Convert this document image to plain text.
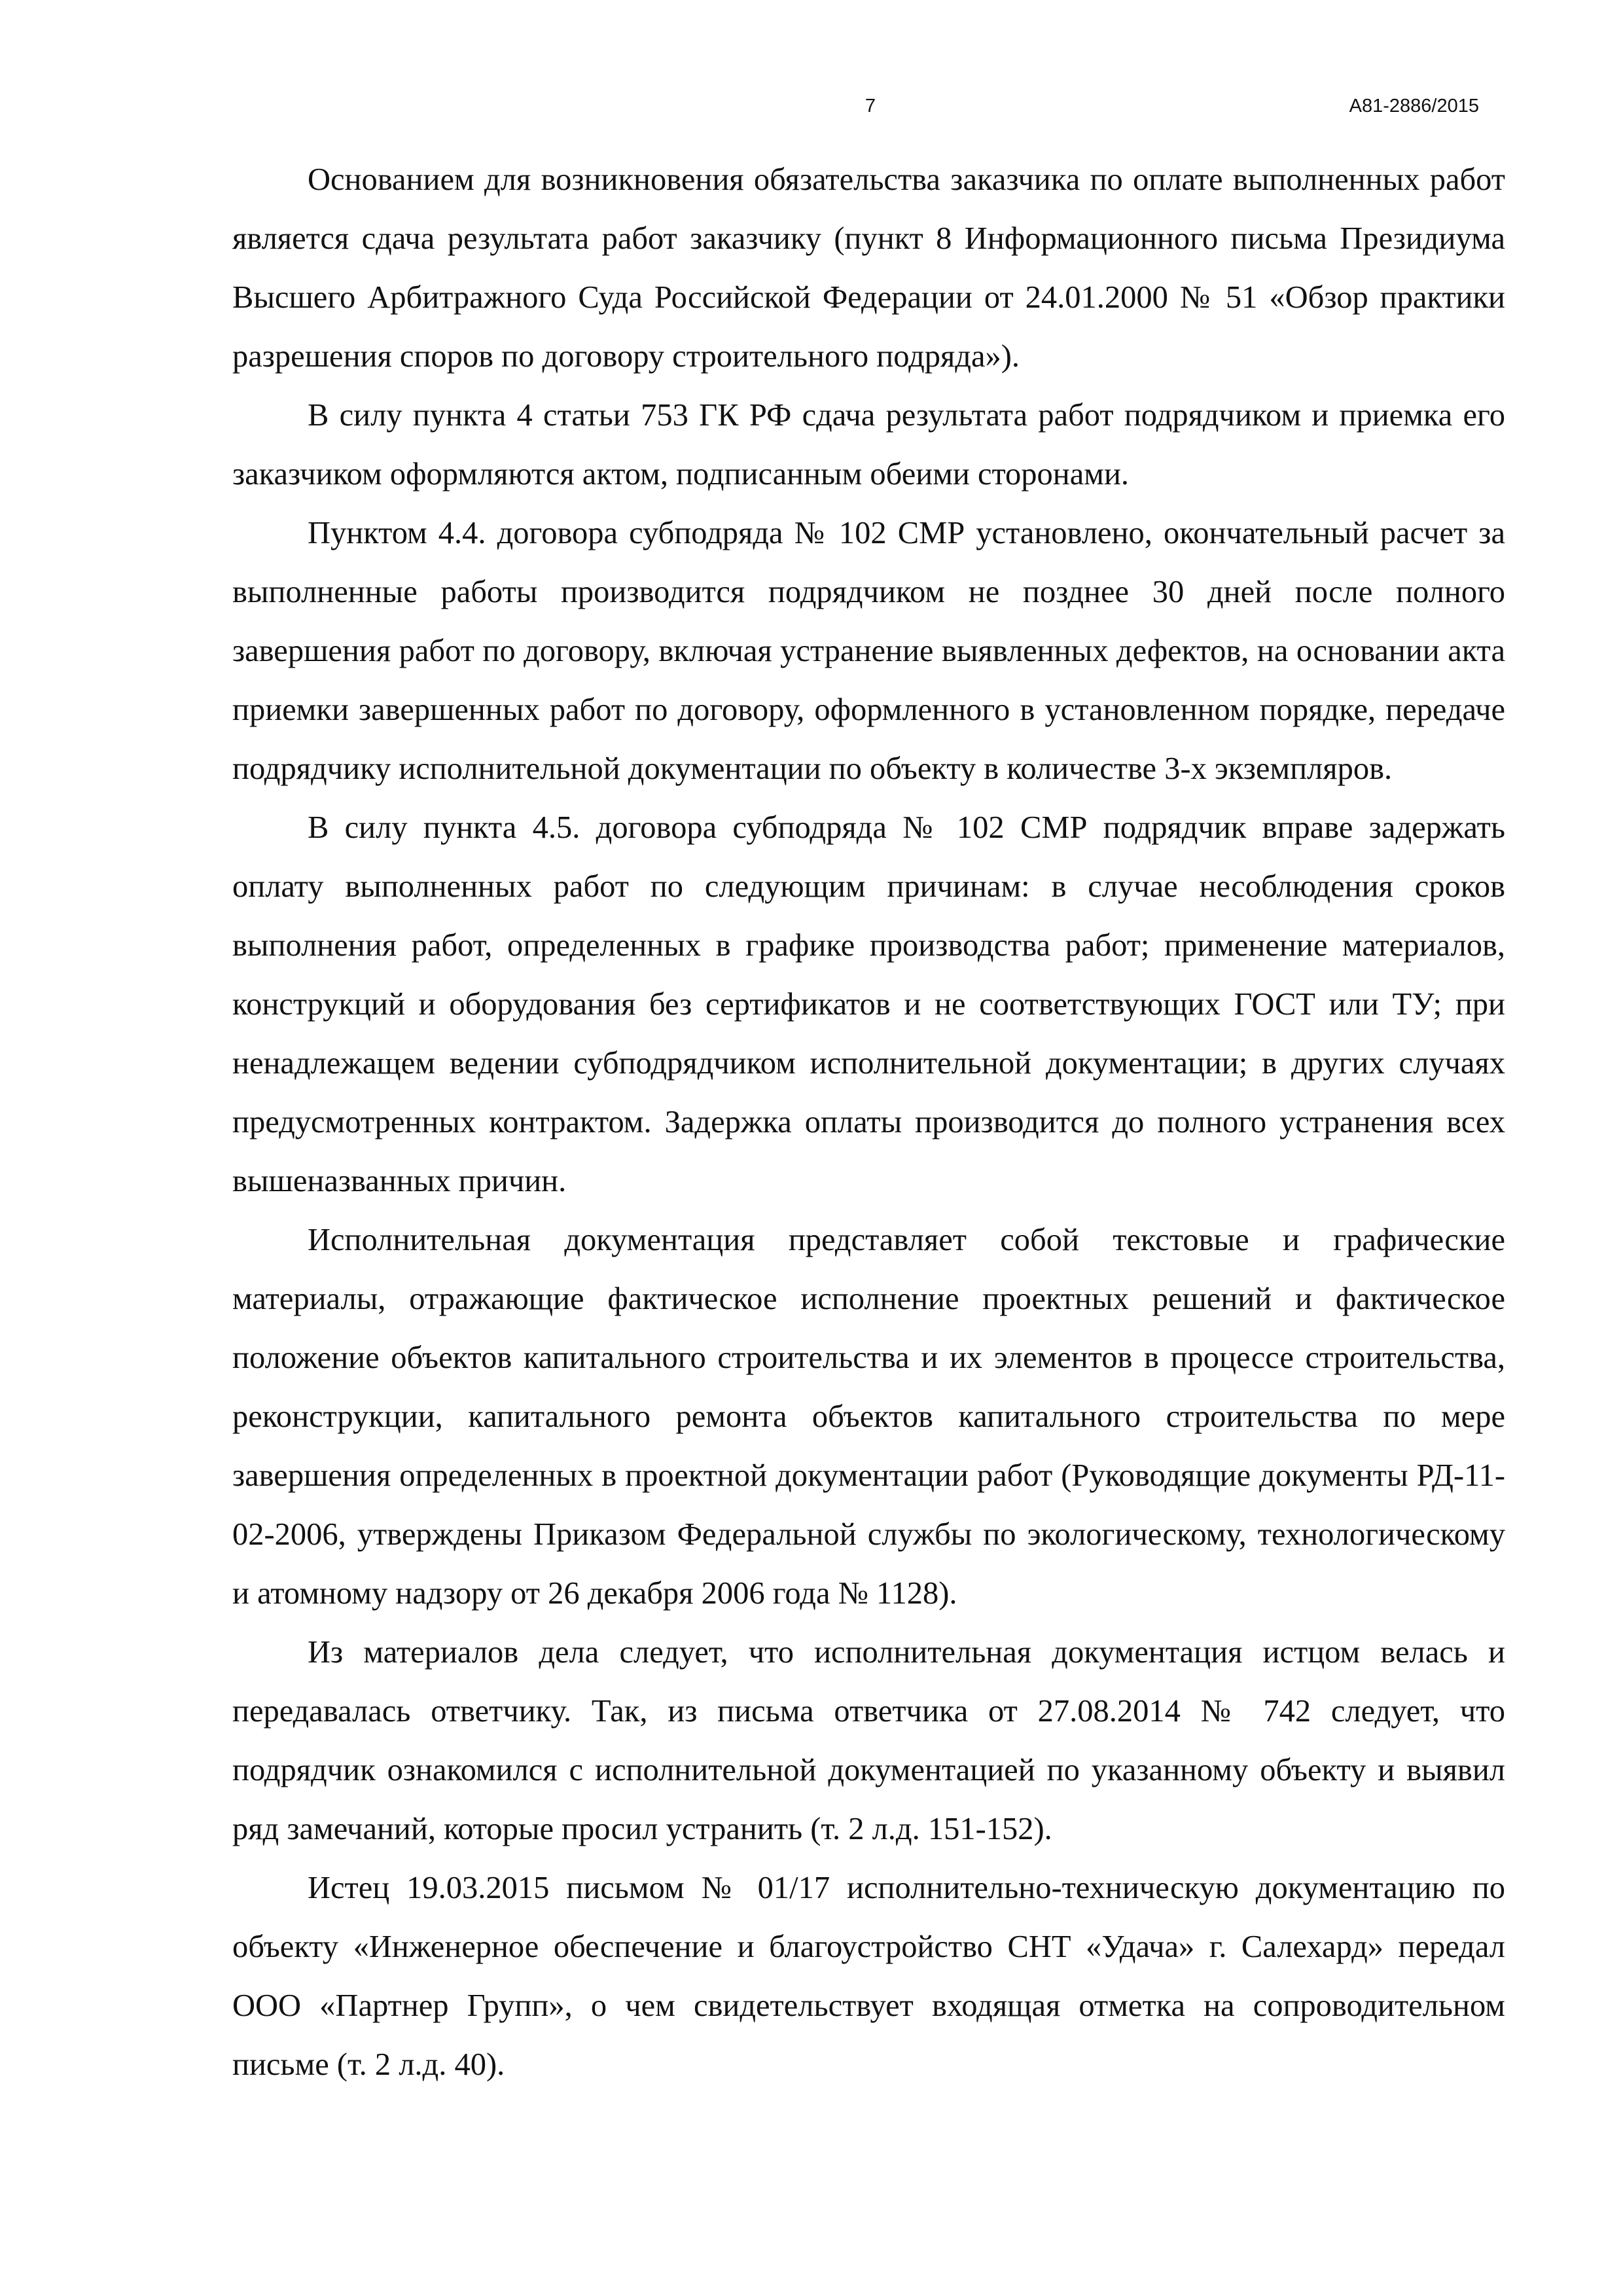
7	А81-2886/2015

Основанием для возникновения обязательства заказчика по оплате выполненных работ является сдача результата работ заказчику (пункт 8 Информационного письма Президиума Высшего Арбитражного Суда Российской Федерации от 24.01.2000 № 51 «Обзор практики разрешения споров по договору строительного подряда»).

В силу пункта 4 статьи 753 ГК РФ сдача результата работ подрядчиком и приемка его заказчиком оформляются актом, подписанным обеими сторонами.

Пунктом 4.4. договора субподряда № 102 СМР установлено, окончательный расчет за выполненные работы производится подрядчиком не позднее 30 дней после полного завершения работ по договору, включая устранение выявленных дефектов, на основании акта приемки завершенных работ по договору, оформленного в установленном порядке, передаче подрядчику исполнительной документации по объекту в количестве 3-х экземпляров.

В силу пункта 4.5. договора субподряда № 102 СМР подрядчик вправе задержать оплату выполненных работ по следующим причинам: в случае несоблюдения сроков выполнения работ, определенных в графике производства работ; применение материалов, конструкций и оборудования без сертификатов и не соответствующих ГОСТ или ТУ; при ненадлежащем ведении субподрядчиком исполнительной документации; в других случаях предусмотренных контрактом. Задержка оплаты производится до полного устранения всех вышеназванных причин.

Исполнительная документация представляет собой текстовые и графические материалы, отражающие фактическое исполнение проектных решений и фактическое положение объектов капитального строительства и их элементов в процессе строительства, реконструкции, капитального ремонта объектов капитального строительства по мере завершения определенных в проектной документации работ (Руководящие документы РД-11-02-2006, утверждены Приказом Федеральной службы по экологическому, технологическому и атомному надзору от 26 декабря 2006 года № 1128).

Из материалов дела следует, что исполнительная документация истцом велась и передавалась ответчику. Так, из письма ответчика от 27.08.2014 № 742 следует, что подрядчик ознакомился с исполнительной документацией по указанному объекту и выявил ряд замечаний, которые просил устранить (т. 2 л.д. 151-152).

Истец 19.03.2015 письмом № 01/17 исполнительно-техническую документацию по объекту «Инженерное обеспечение и благоустройство СНТ «Удача» г. Салехард» передал ООО «Партнер Групп», о чем свидетельствует входящая отметка на сопроводительном письме (т. 2 л.д. 40).
